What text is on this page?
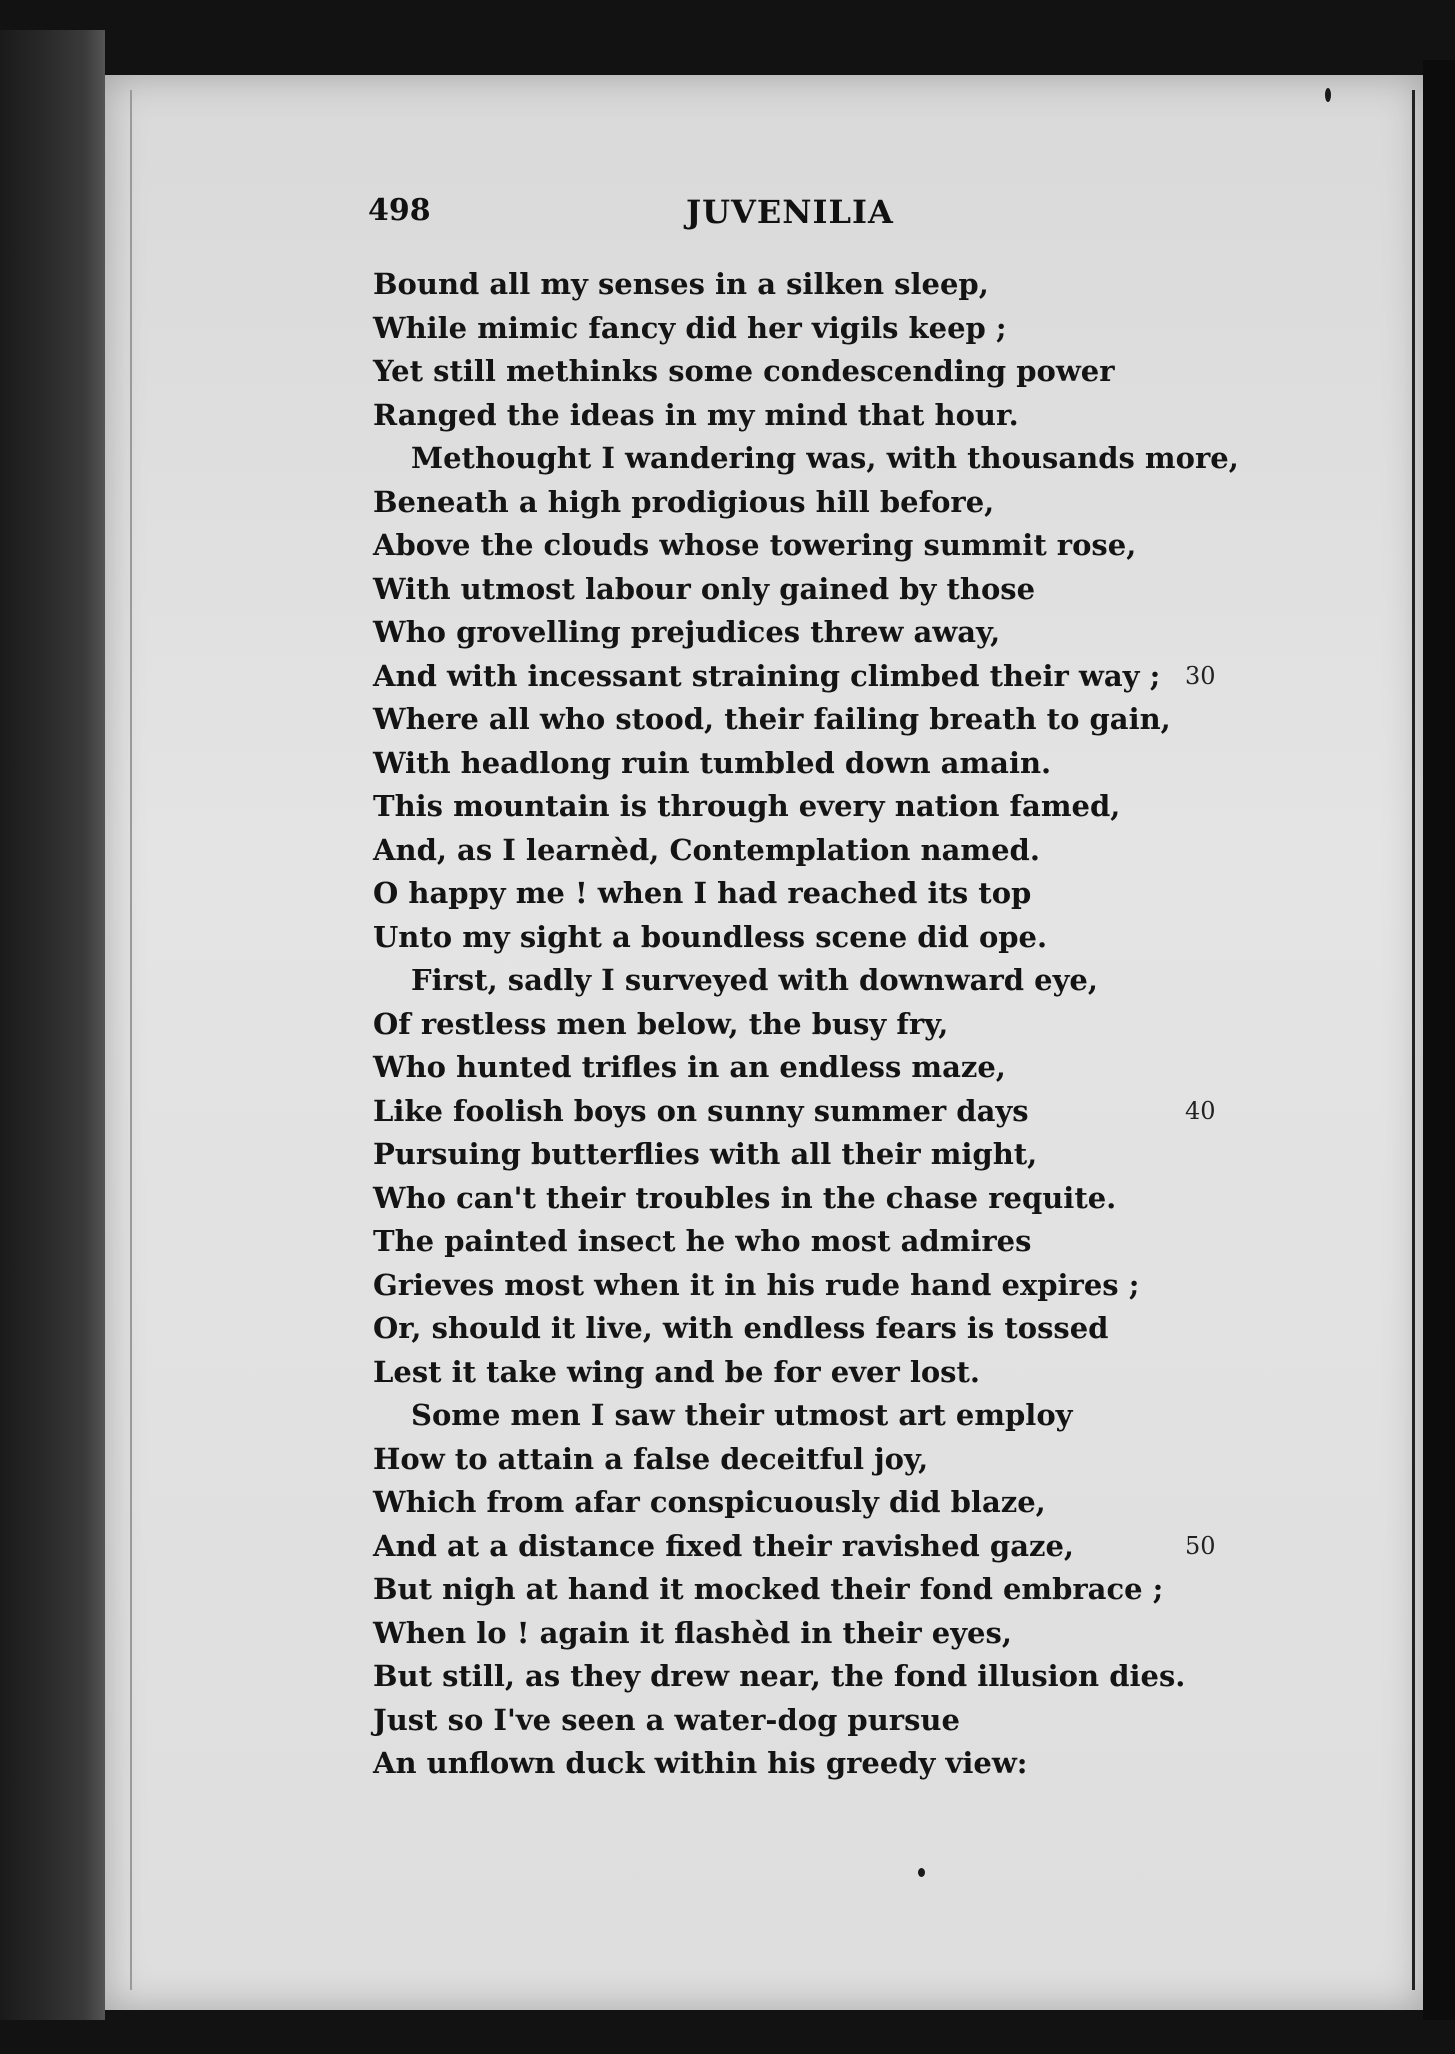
498	JUVENILIA
Bound all my senses in a silken sleep,
While mimic fancy did her vigils keep ;
Yet still methinks some condescending power
Ranged the ideas in my mind that hour.
Methought I wandering was, with thousands more,
Beneath a high prodigious hill before,
Above the clouds whose towering summit rose,
With utmost labour only gained by those
Who grovelling prejudices threw away,
And with incessant straining climbed their way ; 30
Where all who stood, their failing breath to gain,
With headlong ruin tumbled down amain.
This mountain is through every nation famed,
And, as I learnèd, Contemplation named.
O happy me ! when I had reached its top
Unto my sight a boundless scene did ope.
First, sadly I surveyed with downward eye,
Of restless men below, the busy fry,
Who hunted trifles in an endless maze,
Like foolish boys on sunny summer days	40
Pursuing butterflies with all their might,
Who can't their troubles in the chase requite.
The painted insect he who most admires
Grieves most when it in his rude hand expires ;
Or, should it live, with endless fears is tossed
Lest it take wing and be for ever lost.
Some men I saw their utmost art employ
How to attain a false deceitful joy,
Which from afar conspicuously did blaze,
And at a distance fixed their ravished gaze,	50
But nigh at hand it mocked their fond embrace ;
When lo ! again it flashèd in their eyes,
But still, as they drew near, the fond illusion dies.
Just so I've seen a water-dog pursue
An unflown duck within his greedy view:
